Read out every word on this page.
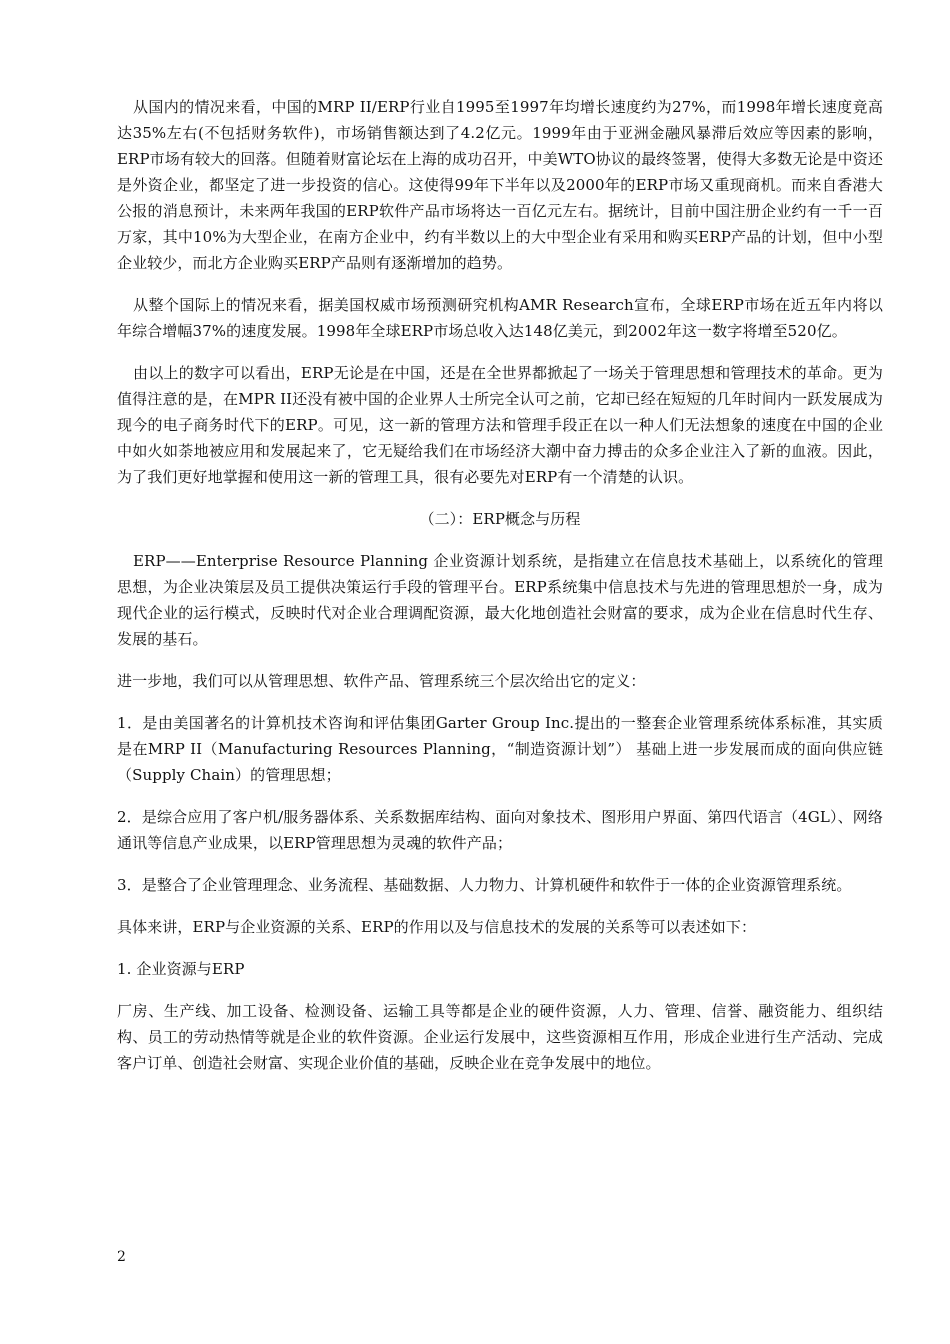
从国内的情况来看，中国的MRP II/ERP行业自1995至1997年均增长速度约为27%，而1998年增长速度竟高达35%左右(不包括财务软件)，市场销售额达到了4.2亿元。1999年由于亚洲金融风暴滞后效应等因素的影响，ERP市场有较大的回落。但随着财富论坛在上海的成功召开，中美WTO协议的最终签署，使得大多数无论是中资还是外资企业，都坚定了进一步投资的信心。这使得99年下半年以及2000年的ERP市场又重现商机。而来自香港大公报的消息预计，未来两年我国的ERP软件产品市场将达一百亿元左右。据统计，目前中国注册企业约有一千一百万家，其中10%为大型企业，在南方企业中，约有半数以上的大中型企业有采用和购买ERP产品的计划，但中小型企业较少，而北方企业购买ERP产品则有逐渐增加的趋势。

从整个国际上的情况来看，据美国权威市场预测研究机构AMR Research宣布，全球ERP市场在近五年内将以年综合增幅37%的速度发展。1998年全球ERP市场总收入达148亿美元，到2002年这一数字将增至520亿。

由以上的数字可以看出，ERP无论是在中国，还是在全世界都掀起了一场关于管理思想和管理技术的革命。更为值得注意的是，在MPR II还没有被中国的企业界人士所完全认可之前，它却已经在短短的几年时间内一跃发展成为现今的电子商务时代下的ERP。可见，这一新的管理方法和管理手段正在以一种人们无法想象的速度在中国的企业中如火如荼地被应用和发展起来了，它无疑给我们在市场经济大潮中奋力搏击的众多企业注入了新的血液。因此，为了我们更好地掌握和使用这一新的管理工具，很有必要先对ERP有一个清楚的认识。

（二）：ERP概念与历程

ERP——Enterprise Resource Planning 企业资源计划系统，是指建立在信息技术基础上，以系统化的管理思想，为企业决策层及员工提供决策运行手段的管理平台。ERP系统集中信息技术与先进的管理思想於一身，成为现代企业的运行模式，反映时代对企业合理调配资源，最大化地创造社会财富的要求，成为企业在信息时代生存、发展的基石。

进一步地，我们可以从管理思想、软件产品、管理系统三个层次给出它的定义：

1．是由美国著名的计算机技术咨询和评估集团Garter Group Inc.提出的一整套企业管理系统体系标准，其实质是在MRP II（Manufacturing Resources Planning，“制造资源计划”） 基础上进一步发展而成的面向供应链（Supply Chain）的管理思想；

2．是综合应用了客户机/服务器体系、关系数据库结构、面向对象技术、图形用户界面、第四代语言（4GL）、网络通讯等信息产业成果，以ERP管理思想为灵魂的软件产品；

3．是整合了企业管理理念、业务流程、基础数据、人力物力、计算机硬件和软件于一体的企业资源管理系统。

具体来讲，ERP与企业资源的关系、ERP的作用以及与信息技术的发展的关系等可以表述如下：

1. 企业资源与ERP

厂房、生产线、加工设备、检测设备、运输工具等都是企业的硬件资源，人力、管理、信誉、融资能力、组织结构、员工的劳动热情等就是企业的软件资源。企业运行发展中，这些资源相互作用，形成企业进行生产活动、完成客户订单、创造社会财富、实现企业价值的基础，反映企业在竞争发展中的地位。

2
